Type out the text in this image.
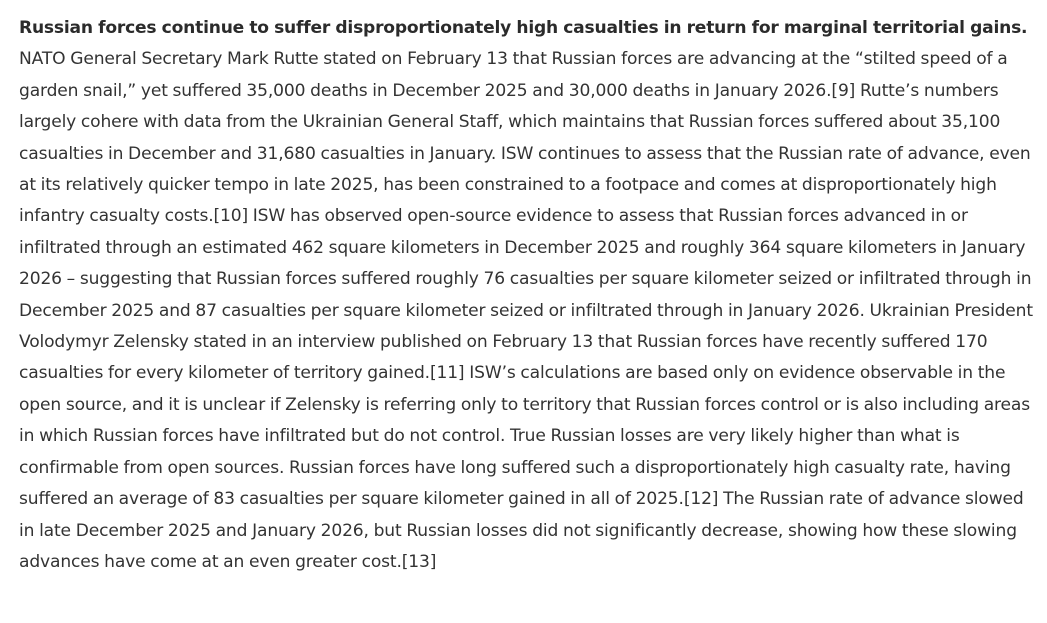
Russian forces continue to suffer disproportionately high casualties in return for marginal territorial gains. NATO General Secretary Mark Rutte stated on February 13 that Russian forces are advancing at the “stilted speed of a garden snail,” yet suffered 35,000 deaths in December 2025 and 30,000 deaths in January 2026.[9] Rutte’s numbers largely cohere with data from the Ukrainian General Staff, which maintains that Russian forces suffered about 35,100 casualties in December and 31,680 casualties in January. ISW continues to assess that the Russian rate of advance, even at its relatively quicker tempo in late 2025, has been constrained to a footpace and comes at disproportionately high infantry casualty costs.[10] ISW has observed open-source evidence to assess that Russian forces advanced in or infiltrated through an estimated 462 square kilometers in December 2025 and roughly 364 square kilometers in January 2026 – suggesting that Russian forces suffered roughly 76 casualties per square kilometer seized or infiltrated through in December 2025 and 87 casualties per square kilometer seized or infiltrated through in January 2026. Ukrainian President Volodymyr Zelensky stated in an interview published on February 13 that Russian forces have recently suffered 170 casualties for every kilometer of territory gained.[11] ISW’s calculations are based only on evidence observable in the open source, and it is unclear if Zelensky is referring only to territory that Russian forces control or is also including areas in which Russian forces have infiltrated but do not control. True Russian losses are very likely higher than what is confirmable from open sources. Russian forces have long suffered such a disproportionately high casualty rate, having suffered an average of 83 casualties per square kilometer gained in all of 2025.[12] The Russian rate of advance slowed in late December 2025 and January 2026, but Russian losses did not significantly decrease, showing how these slowing advances have come at an even greater cost.[13]
